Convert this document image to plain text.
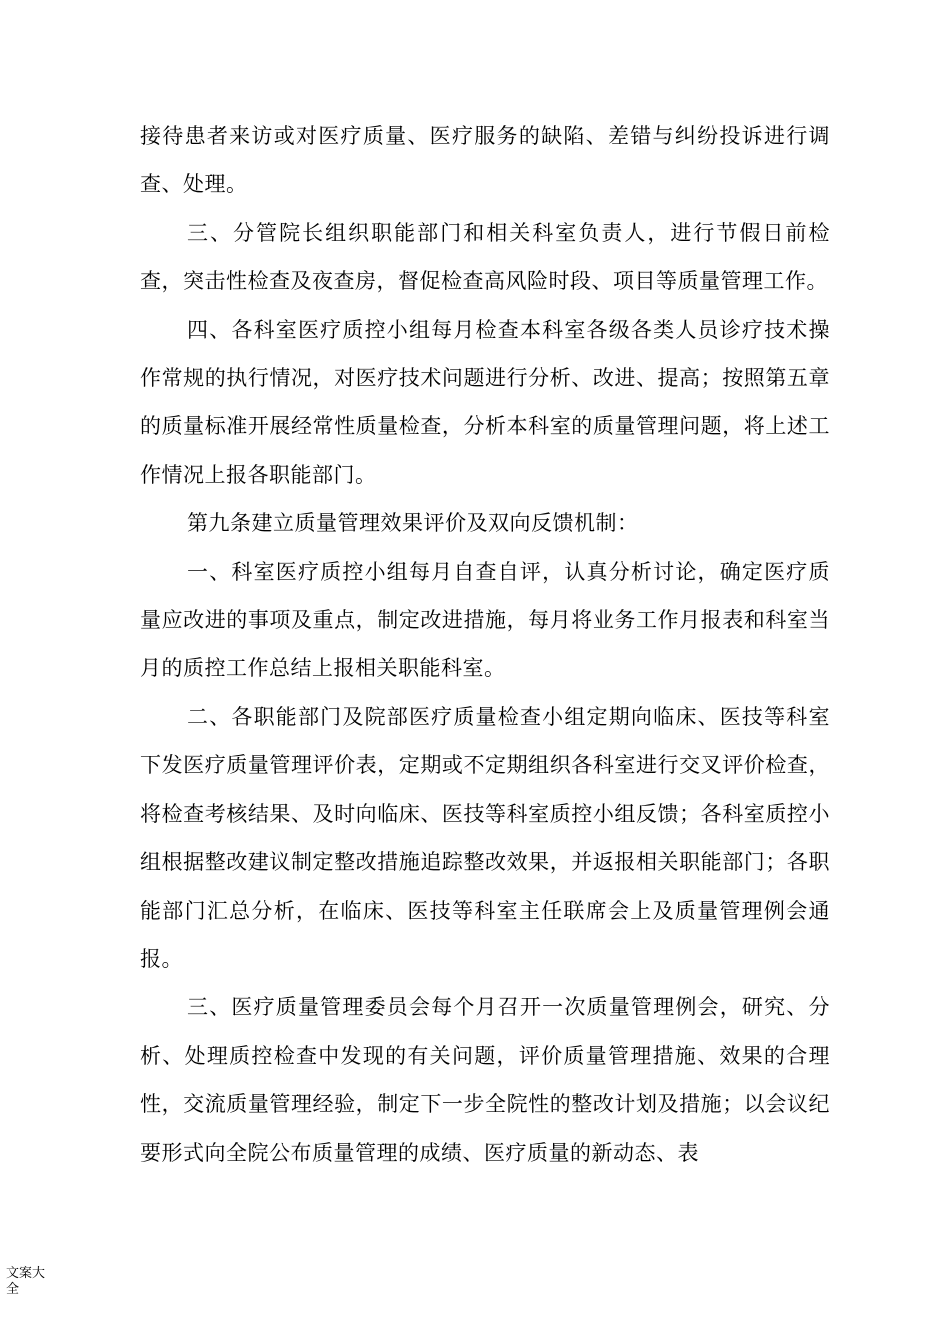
接待患者来访或对医疗质量、医疗服务的缺陷、差错与纠纷投诉进行调查、处理。

三、分管院长组织职能部门和相关科室负责人，进行节假日前检查，突击性检查及夜查房，督促检查高风险时段、项目等质量管理工作。

四、各科室医疗质控小组每月检查本科室各级各类人员诊疗技术操作常规的执行情况，对医疗技术问题进行分析、改进、提高；按照第五章的质量标准开展经常性质量检查，分析本科室的质量管理问题，将上述工作情况上报各职能部门。

第九条建立质量管理效果评价及双向反馈机制：

一、科室医疗质控小组每月自查自评，认真分析讨论，确定医疗质量应改进的事项及重点，制定改进措施，每月将业务工作月报表和科室当月的质控工作总结上报相关职能科室。

二、各职能部门及院部医疗质量检查小组定期向临床、医技等科室下发医疗质量管理评价表，定期或不定期组织各科室进行交叉评价检查，将检查考核结果、及时向临床、医技等科室质控小组反馈；各科室质控小组根据整改建议制定整改措施追踪整改效果，并返报相关职能部门；各职能部门汇总分析，在临床、医技等科室主任联席会上及质量管理例会通报。

三、医疗质量管理委员会每个月召开一次质量管理例会，研究、分析、处理质控检查中发现的有关问题，评价质量管理措施、效果的合理性，交流质量管理经验，制定下一步全院性的整改计划及措施；以会议纪要形式向全院公布质量管理的成绩、医疗质量的新动态、表

文案大全
